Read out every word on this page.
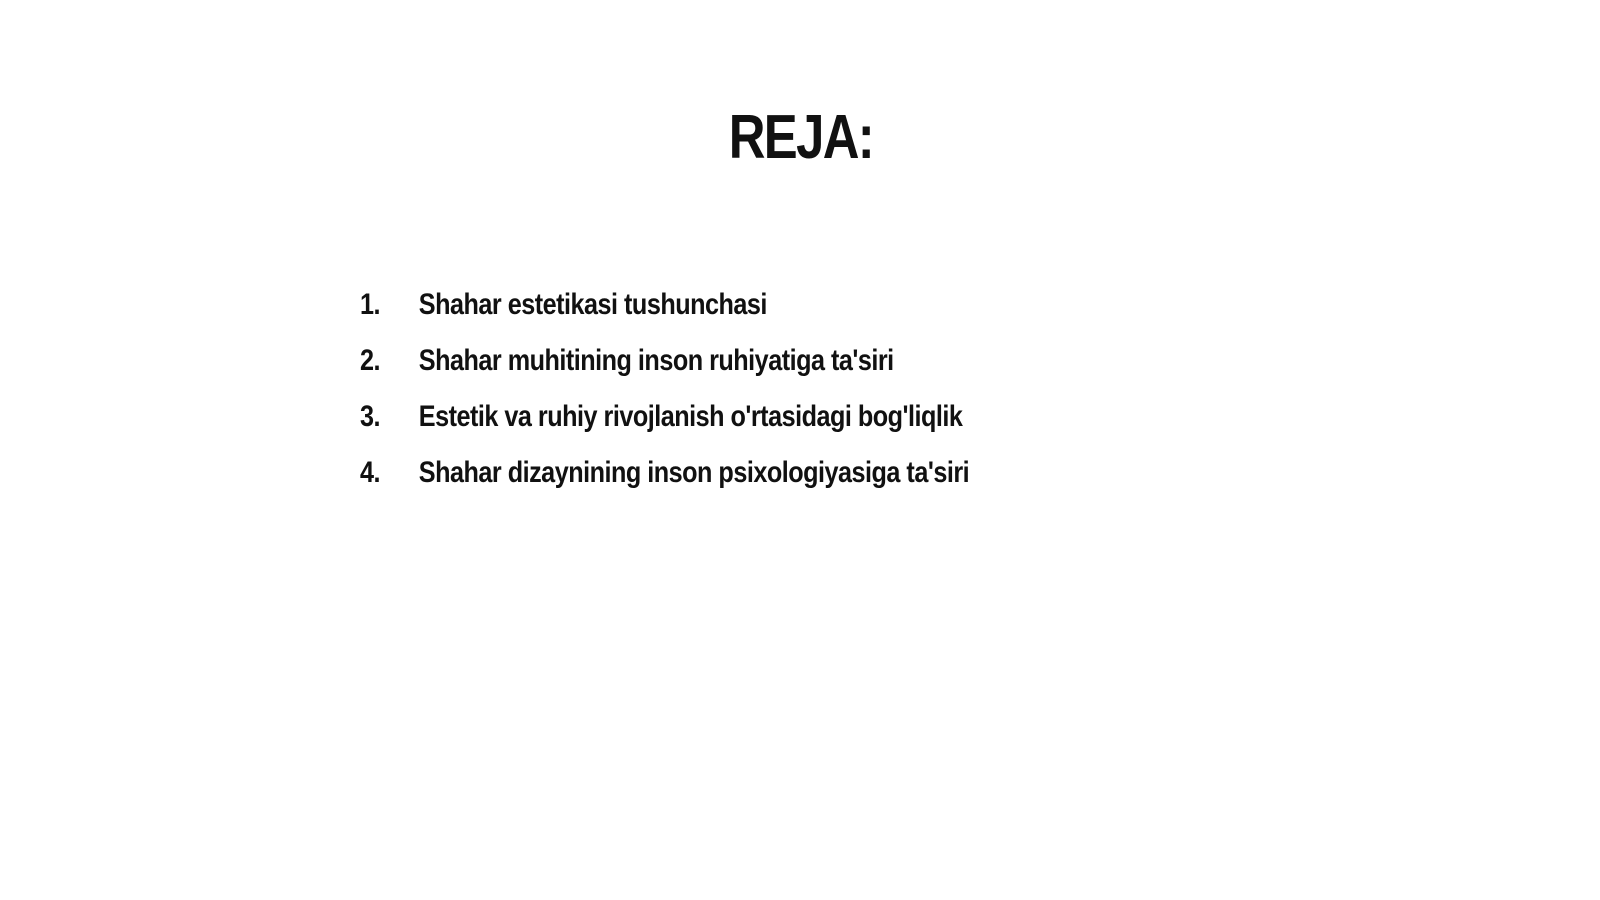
REJA:
1.	Shahar estetikasi tushunchasi
2.	Shahar muhitining inson ruhiyatiga ta'siri
3.	Estetik va ruhiy rivojlanish o'rtasidagi bog'liqlik
4.	Shahar dizaynining inson psixologiyasiga ta'siri
